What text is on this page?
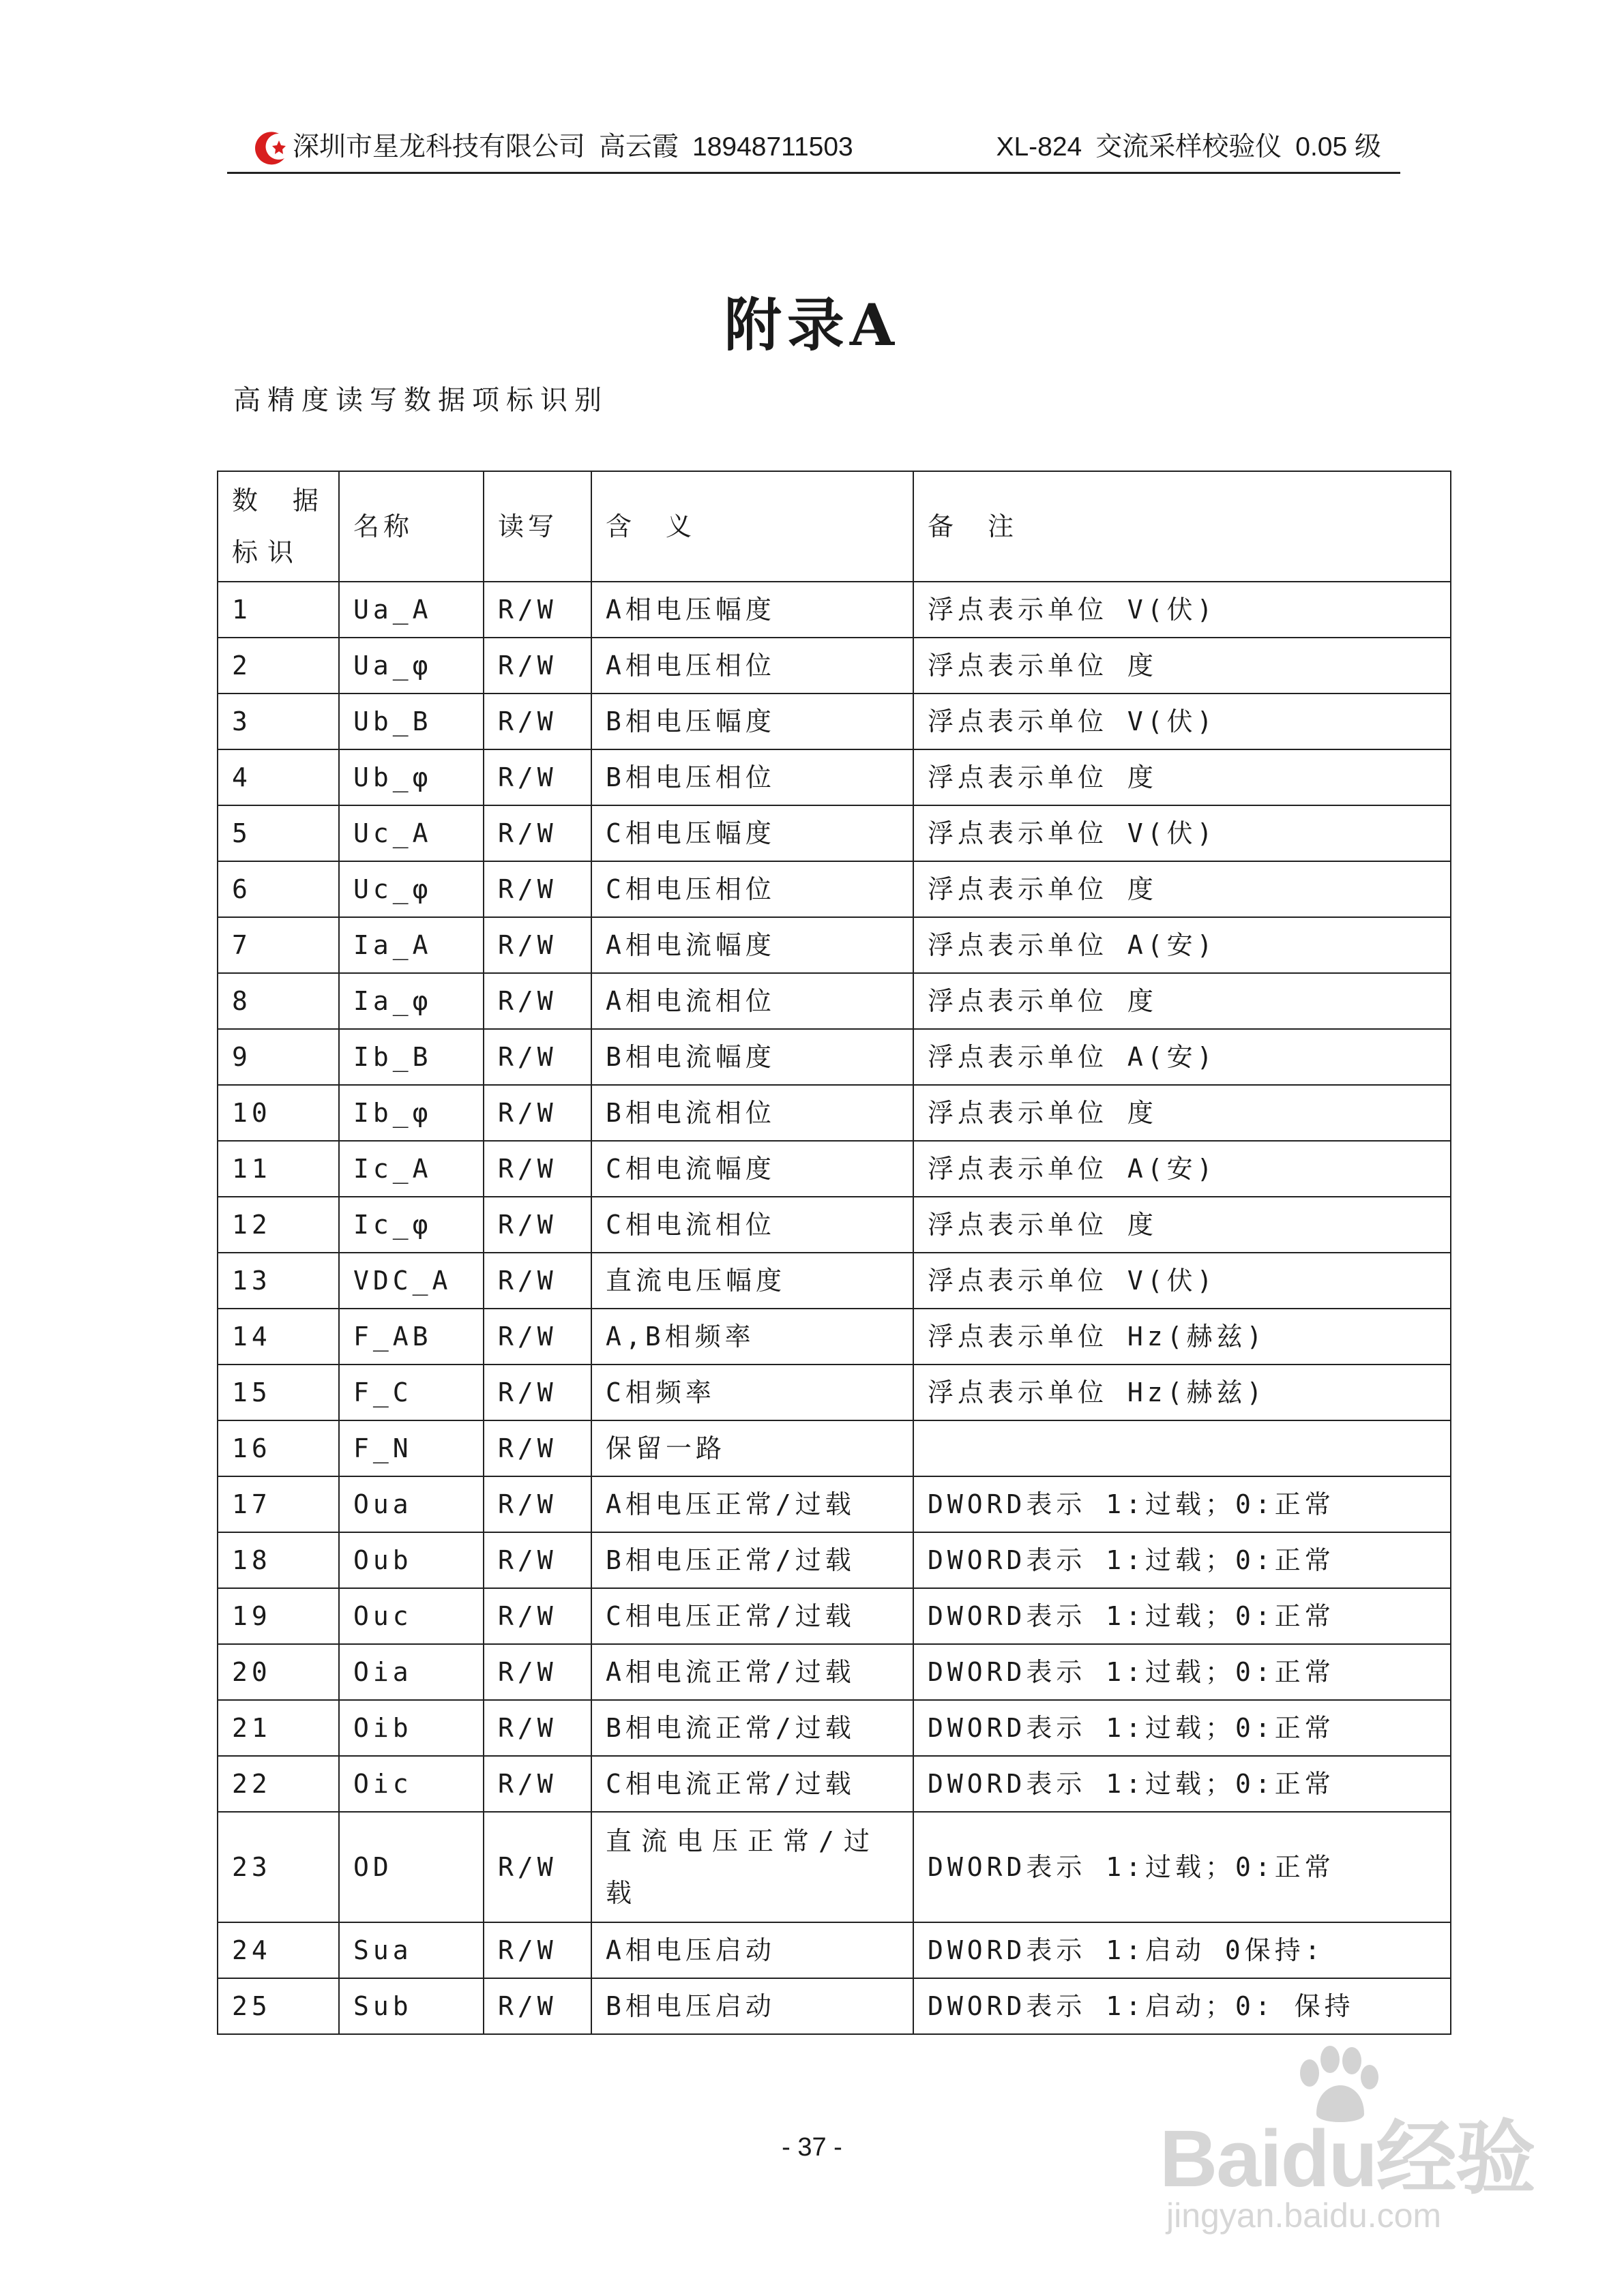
深圳市星龙科技有限公司 高云霞 18948711503	XL-824 交流采样校验仪 0.05 级
附录A
高精度读写数据项标识别
数 据 标识	名称	读写	含　义	备　注
1	Ua_A	R/W	A相电压幅度	浮点表示单位 V(伏)
2	Ua_φ	R/W	A相电压相位	浮点表示单位 度
3	Ub_B	R/W	B相电压幅度	浮点表示单位 V(伏)
4	Ub_φ	R/W	B相电压相位	浮点表示单位 度
5	Uc_A	R/W	C相电压幅度	浮点表示单位 V(伏)
6	Uc_φ	R/W	C相电压相位	浮点表示单位 度
7	Ia_A	R/W	A相电流幅度	浮点表示单位 A(安)
8	Ia_φ	R/W	A相电流相位	浮点表示单位 度
9	Ib_B	R/W	B相电流幅度	浮点表示单位 A(安)
10	Ib_φ	R/W	B相电流相位	浮点表示单位 度
11	Ic_A	R/W	C相电流幅度	浮点表示单位 A(安)
12	Ic_φ	R/W	C相电流相位	浮点表示单位 度
13	VDC_A	R/W	直流电压幅度	浮点表示单位 V(伏)
14	F_AB	R/W	A,B相频率	浮点表示单位 Hz(赫兹)
15	F_C	R/W	C相频率	浮点表示单位 Hz(赫兹)
16	F_N	R/W	保留一路	
17	Oua	R/W	A相电压正常/过载	DWORD表示 1:过载；0:正常
18	Oub	R/W	B相电压正常/过载	DWORD表示 1:过载；0:正常
19	Ouc	R/W	C相电压正常/过载	DWORD表示 1:过载；0:正常
20	Oia	R/W	A相电流正常/过载	DWORD表示 1:过载；0:正常
21	Oib	R/W	B相电流正常/过载	DWORD表示 1:过载；0:正常
22	Oic	R/W	C相电流正常/过载	DWORD表示 1:过载；0:正常
23	OD	R/W	直流电压正常/过载	DWORD表示 1:过载；0:正常
24	Sua	R/W	A相电压启动	DWORD表示 1:启动 0保持:
25	Sub	R/W	B相电压启动	DWORD表示 1:启动；0: 保持
- 37 -	Baidu经验
jingyan.baidu.com
